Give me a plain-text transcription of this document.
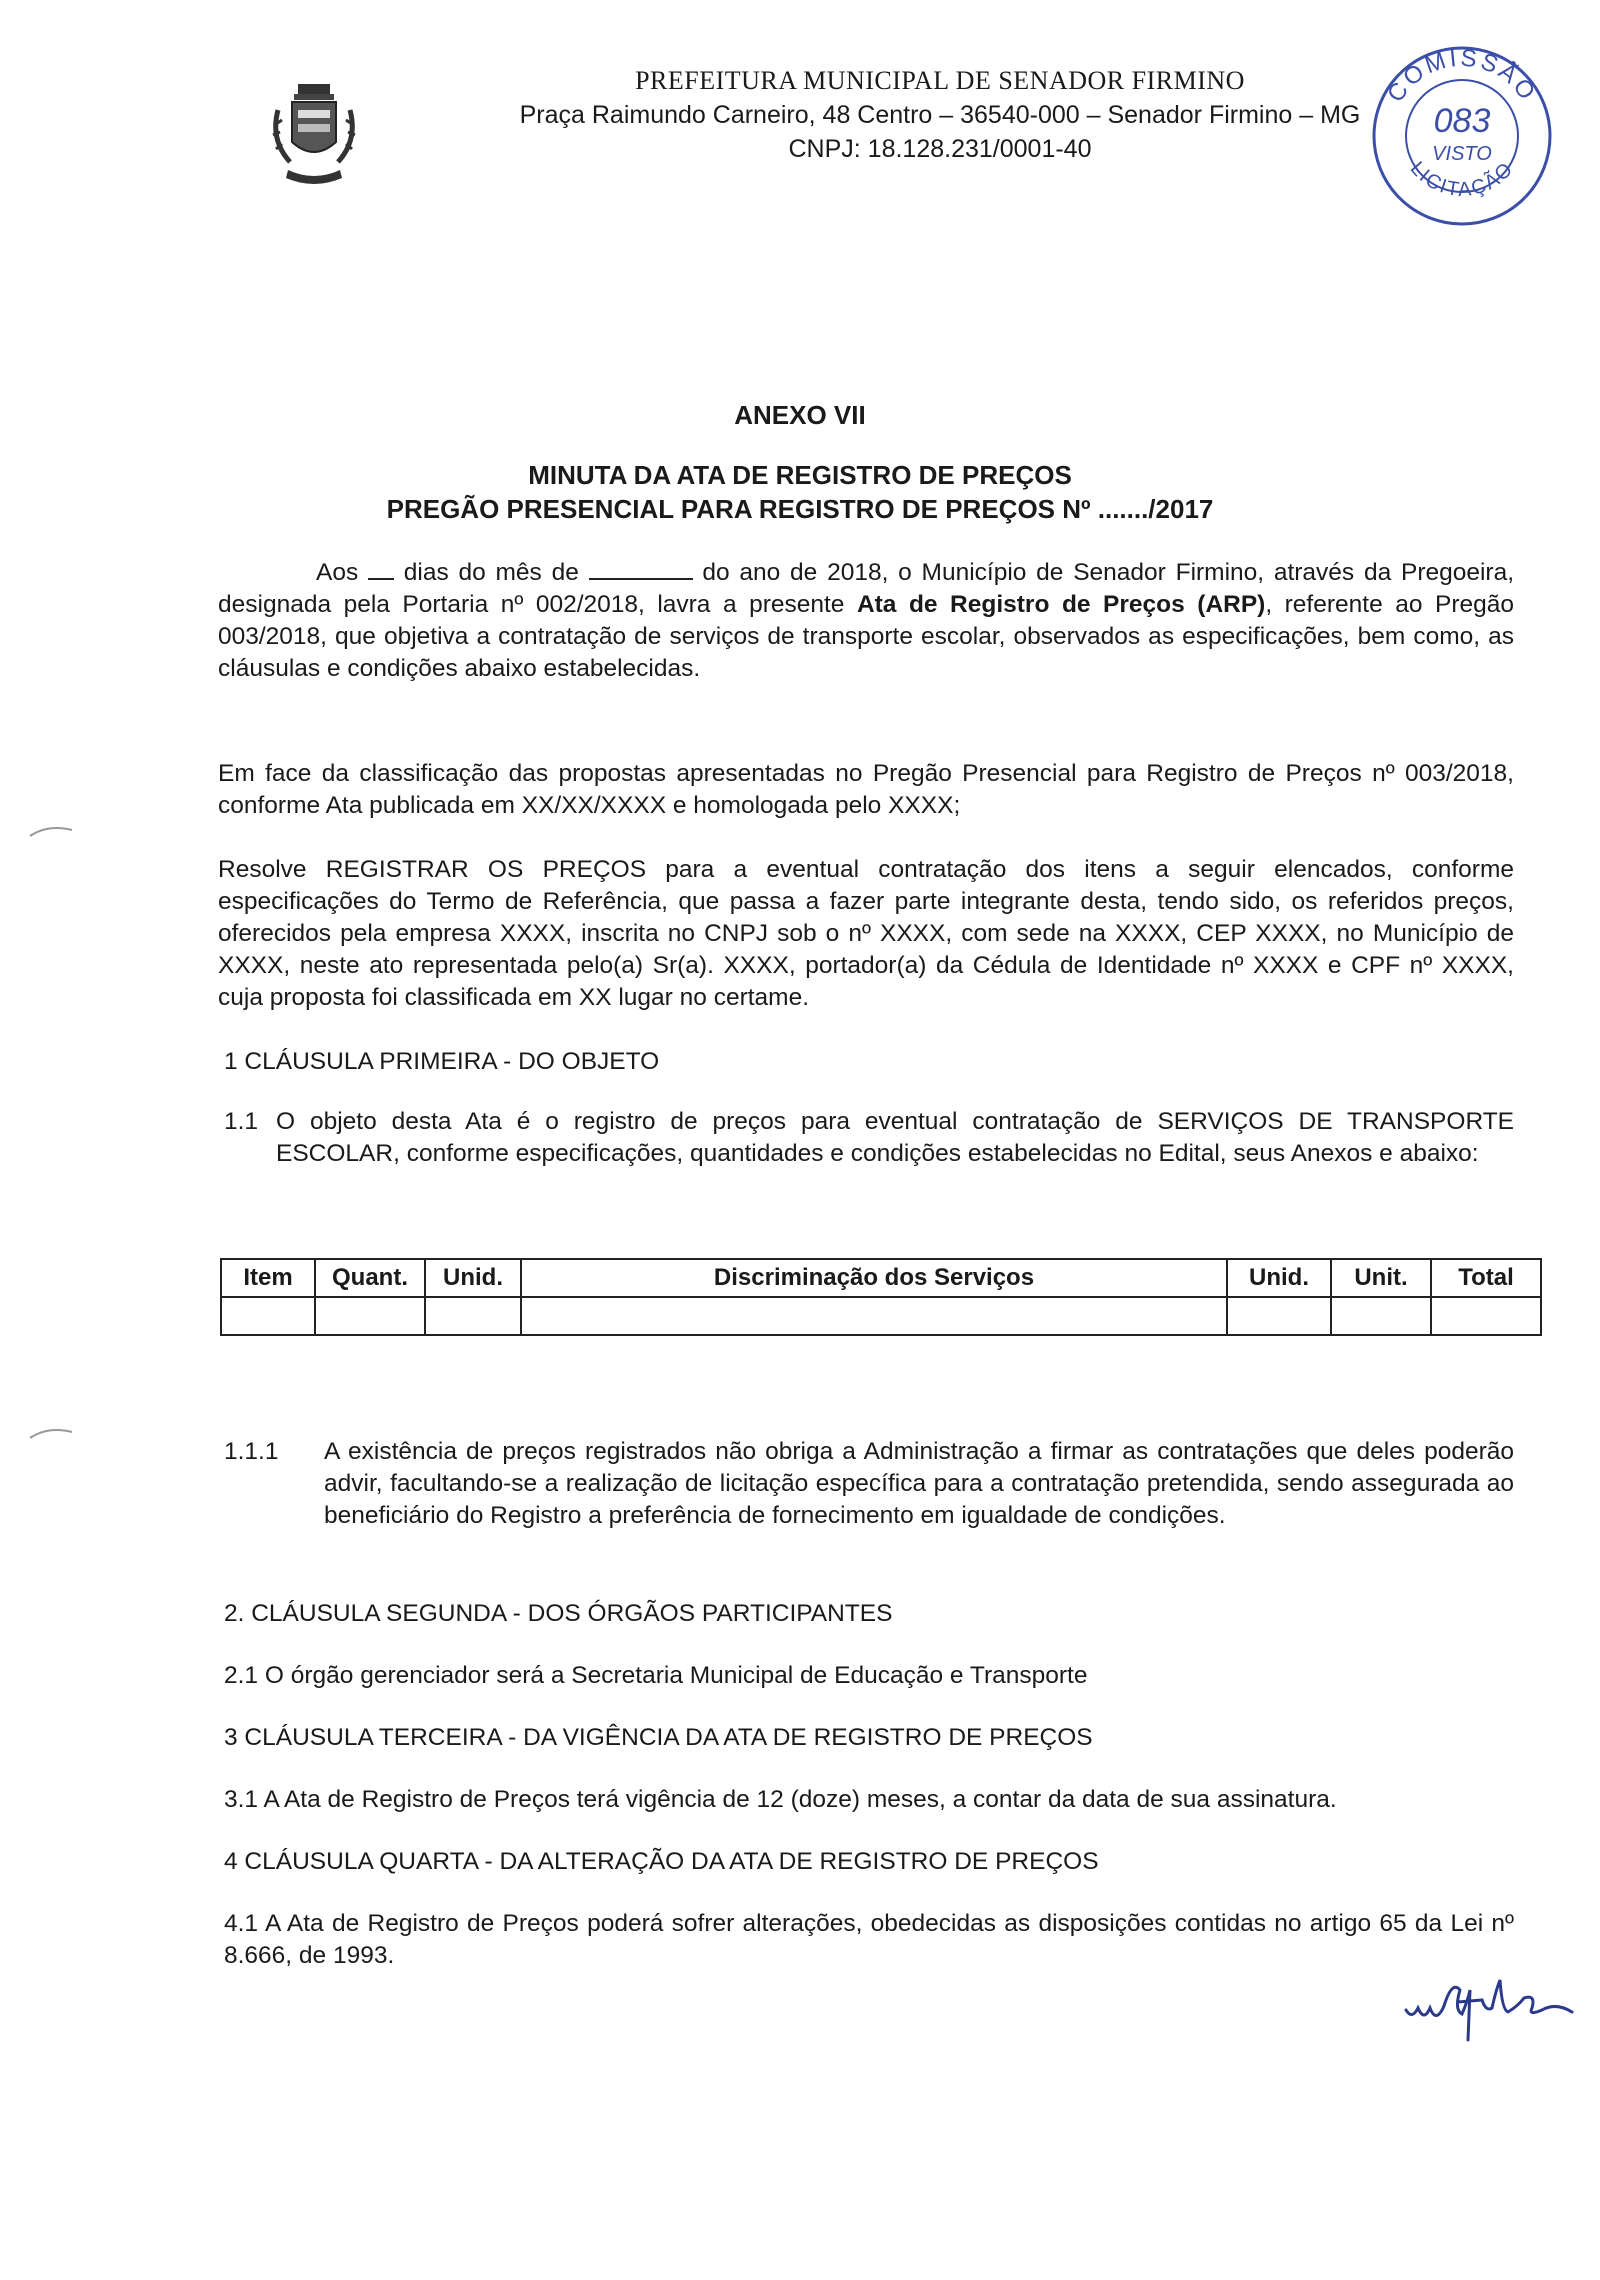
PREFEITURA MUNICIPAL DE SENADOR FIRMINO
Praça Raimundo Carneiro, 48 Centro – 36540-000 – Senador Firmino – MG
CNPJ: 18.128.231/0001-40
COMISSÃO
083
VISTO
LICITAÇÃO
ANEXO VII
MINUTA DA ATA DE REGISTRO DE PREÇOS
PREGÃO PRESENCIAL PARA REGISTRO DE PREÇOS Nº ......./2017
Aos dias do mês de	do ano de 2018, o Município de Senador Firmino, através da Pregoeira, designada pela Portaria nº 002/2018, lavra a presente Ata de Registro de Preços (ARP), referente ao Pregão 003/2018, que objetiva a contratação de serviços de transporte escolar, observados as especificações, bem como, as cláusulas e condições abaixo estabelecidas.
Em face da classificação das propostas apresentadas no Pregão Presencial para Registro de Preços nº 003/2018, conforme Ata publicada em XX/XX/XXXX e homologada pelo XXXX;
Resolve REGISTRAR OS PREÇOS para a eventual contratação dos itens a seguir elencados, conforme especificações do Termo de Referência, que passa a fazer parte integrante desta, tendo sido, os referidos preços, oferecidos pela empresa XXXX, inscrita no CNPJ sob o nº XXXX, com sede na XXXX, CEP XXXX, no Município de XXXX, neste ato representada pelo(a) Sr(a). XXXX, portador(a) da Cédula de Identidade nº XXXX e CPF nº XXXX, cuja proposta foi classificada em XX lugar no certame.
1 CLÁUSULA PRIMEIRA - DO OBJETO
1.1 O objeto desta Ata é o registro de preços para eventual contratação de SERVIÇOS DE TRANSPORTE ESCOLAR, conforme especificações, quantidades e condições estabelecidas no Edital, seus Anexos e abaixo:
Item	Quant.	Unid.	Discriminação dos Serviços	Unid.	Unit.	Total

1.1.1 A existência de preços registrados não obriga a Administração a firmar as contratações que deles poderão advir, facultando-se a realização de licitação específica para a contratação pretendida, sendo assegurada ao beneficiário do Registro a preferência de fornecimento em igualdade de condições.
2. CLÁUSULA SEGUNDA - DOS ÓRGÃOS PARTICIPANTES
2.1 O órgão gerenciador será a Secretaria Municipal de Educação e Transporte
3 CLÁUSULA TERCEIRA - DA VIGÊNCIA DA ATA DE REGISTRO DE PREÇOS
3.1 A Ata de Registro de Preços terá vigência de 12 (doze) meses, a contar da data de sua assinatura.
4 CLÁUSULA QUARTA - DA ALTERAÇÃO DA ATA DE REGISTRO DE PREÇOS
4.1 A Ata de Registro de Preços poderá sofrer alterações, obedecidas as disposições contidas no artigo 65 da Lei nº 8.666, de 1993.
